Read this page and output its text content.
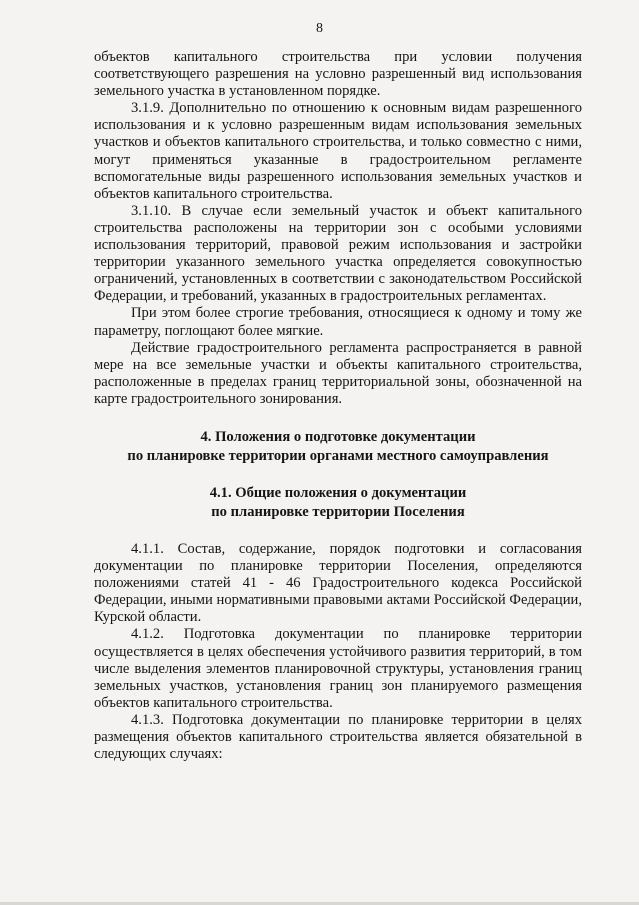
8

объектов капитального строительства при условии получения соответствующего разрешения на условно разрешенный вид использования земельного участка в установленном порядке.

3.1.9. Дополнительно по отношению к основным видам разрешенного использования и к условно разрешенным видам использования земельных участков и объектов капитального строительства, и только совместно с ними, могут применяться указанные в градостроительном регламенте вспомогательные виды разрешенного использования земельных участков и объектов капитального строительства.

3.1.10. В случае если земельный участок и объект капитального строительства расположены на территории зон с особыми условиями использования территорий, правовой режим использования и застройки территории указанного земельного участка определяется совокупностью ограничений, установленных в соответствии с законодательством Российской Федерации, и требований, указанных в градостроительных регламентах.

При этом более строгие требования, относящиеся к одному и тому же параметру, поглощают более мягкие.

Действие градостроительного регламента распространяется в равной мере на все земельные участки и объекты капитального строительства, расположенные в пределах границ территориальной зоны, обозначенной на карте градостроительного зонирования.

4. Положения о подготовке документации
по планировке территории органами местного самоуправления
4.1. Общие положения о документации
по планировке территории Поселения

4.1.1. Состав, содержание, порядок подготовки и согласования документации по планировке территории Поселения, определяются положениями статей 41 - 46 Градостроительного кодекса Российской Федерации, иными нормативными правовыми актами Российской Федерации, Курской области.

4.1.2. Подготовка документации по планировке территории осуществляется в целях обеспечения устойчивого развития территорий, в том числе выделения элементов планировочной структуры, установления границ земельных участков, установления границ зон планируемого размещения объектов капитального строительства.

4.1.3. Подготовка документации по планировке территории в целях размещения объектов капитального строительства является обязательной в следующих случаях:
